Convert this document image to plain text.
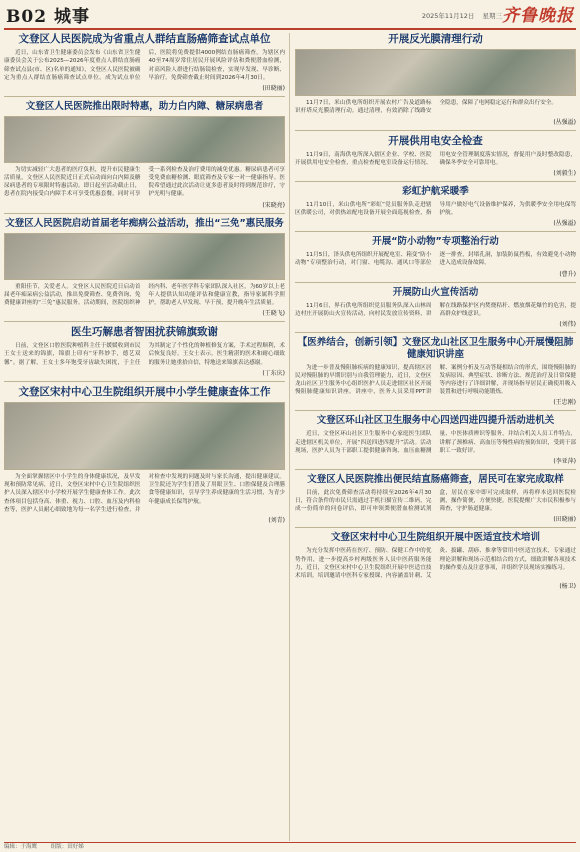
B02 城事	2025年11月12日 星期三 齐鲁晚报
文登区人民医院成为省重点人群结直肠癌筛查试点单位

近日，山东省卫生健康委员会发布《山东省卫生健康委员会关于公布2025—2026年度重点人群结直肠癌筛查试点县(市、区)名单的通知》，文登区人民医院被确定为重点人群结直肠癌筛查试点单位。成为试点单位后，医院将免费提供4000例结直肠癌筛查，为辖区内40至74周岁常住居民开展风险评估和粪便潜血检测，对高风险人群进行结肠镜检查，实现早发现、早诊断、早治疗。免费筛查截止时间到2026年4月30日。

(田晓丽)
文登区人民医院推出限时特惠，助力白内障、糖尿病患者

为切实减轻广大患者的医疗负担，提升市民健康生活质量，文登区人民医院近日正式启动面向白内障及糖尿病患者的专项限时特惠活动。即日起至活动截止日，患者在院内接受白内障手术可享受优惠套餐，同时可享受一系列检查及治疗费用的减免优惠。糖尿病患者可享受免费血糖检测、眼底筛查及专家一对一健康指导。医院希望通过此次活动让更多患者及时得到规范诊疗，守护光明与健康。

(宋晓亮)
文登区人民医院启动首届老年痴病公益活动，推出“三免”惠民服务

重阳佳节，关爱老人。文登区人民医院近日启动首届老年痴呆病公益活动，推出免费筛查、免费咨询、免费健康讲座的“三免”惠民服务。活动期间，医院组织神经内科、老年医学科专家团队深入社区，为60岁以上老年人提供认知功能评估和健康宣教，指导家属科学照护，帮助老人早发现、早干预，提升晚年生活质量。

(王晓飞)
医生巧解患者智困扰获锦旗致谢

日前，文登区口腔医院种植科主任于媛媛收到市民王女士送来的锦旗，锦旗上印有“牙科妙手，德艺双馨”。据了解，王女士多年饱受牙齿缺失困扰，于主任为其制定了个性化的种植修复方案，手术过程顺利，术后恢复良好。王女士表示，医生精湛的医术和耐心细致的服务让她重拾自信，特地送来锦旗表达感谢。

(丁东庆)
文登区宋村中心卫生院组织开展中小学生健康查体工作

为全面掌握辖区中小学生的身体健康状况，及早发现和预防常见病，近日，文登区宋村中心卫生院组织医护人员深入辖区中小学校开展学生健康查体工作。此次查体项目包括身高、体重、视力、口腔、血压及内科检查等，医护人员耐心细致地为每一名学生进行检查，并对检查中发现的问题及时与家长沟通，提出健康建议。卫生院还为学生们普及了用眼卫生、口腔保健及合理膳食等健康知识，引导学生养成健康的生活习惯，为青少年健康成长保驾护航。

(刘青)
开展反光膜清理行动

11月7日，米山供电所组织开展农村广告及道路标识杆塔反光膜清理行动。通过清理，有效消除了线路安全隐患，保障了电网稳定运行和群众出行安全。

(丛强溢)
开展供用电安全检查

11月9日，南海供电所深入辖区企业、学校、医院开展供用电安全检查，重点检查配电室设备运行情况、用电安全管理制度落实情况，督促用户及时整改隐患，确保冬季安全可靠用电。

(刘毅生)
彩虹护航采暖季

11月10日，米山供电所“彩虹”党员服务队走进辖区供暖公司，对供热站配电设备开展全面巡视检查，指导用户做好电气设备维护保养，为供暖季安全用电保驾护航。

(丛强溢)
开展“防小动物”专项整治行动

11月5日，泽头供电所组织开展配电室、箱变“防小动物”专项整治行动，对门窗、电缆沟、通风口等部位逐一排查，封堵孔洞，加装防鼠挡板，有效避免小动物进入造成设备故障。

(曹升)
开展防山火宣传活动

11月6日，界石供电所组织党员服务队深入山林周边村庄开展防山火宣传活动，向村民发放宣传资料，讲解在线路保护区内焚烧秸秆、燃放烟花爆竹的危害，提高群众护线意识。

(刘伟)
【医养结合，创新引领】文登区龙山社区卫生服务中心开展慢阻肺健康知识讲座

为进一步普及慢阻肺疾病的健康知识，提高辖区居民对慢阻肺的早期识别与自我管理能力，近日，文登区龙山社区卫生服务中心组织医护人员走进辖区社区开展慢阻肺健康知识讲座。讲座中，医务人员采用PPT讲解、案例分析及互动答疑相结合的形式，围绕慢阻肺的发病原因、典型症状、诊断方法、规范治疗及日常保健等内容进行了详细讲解，并现场指导居民正确使用吸入装置和进行呼吸功能锻炼。

(王忠刚)
文登区环山社区卫生服务中心四送四进四提升活动进机关

近日，文登区环山社区卫生服务中心家庭医生团队走进辖区机关单位，开展“四送四进四提升”活动。活动现场，医护人员为干部职工提供健康咨询、血压血糖测量、中医体质辨识等服务，并结合机关人员工作特点，讲解了颈椎病、高血压等慢性病的预防知识，受到干部职工一致好评。

(李亚萍)
文登区人民医院推出便民结直肠癌筛查，居民可在家完成取样

目前，此次免费筛查活动将持续至2026年4月30日，符合条件的市民只需通过手机扫描宣传二维码，完成一份简单的问卷评估，即可申领粪便潜血检测试剂盒，居民在家中即可完成取样，再将样本送回医院检测，操作简便，方便快捷。医院提醒广大市民积极参与筛查，守护肠道健康。

(田晓丽)
文登区宋村中心卫生院组织开展中医适宜技术培训

为充分发挥中医药在医疗、预防、保健工作中的优势作用，进一步提高乡村两级医务人员中医药服务能力，近日，文登区宋村中心卫生院组织开展中医适宜技术培训。培训邀请中医科专家授课，内容涵盖针刺、艾灸、拔罐、刮痧、推拿等常用中医适宜技术，专家通过理论讲解和现场示范相结合的方式，细致讲解各项技术的操作要点及注意事项，并组织学员现场实操练习。

(杨卫)
编辑：于海鹰	组版：田好娣
